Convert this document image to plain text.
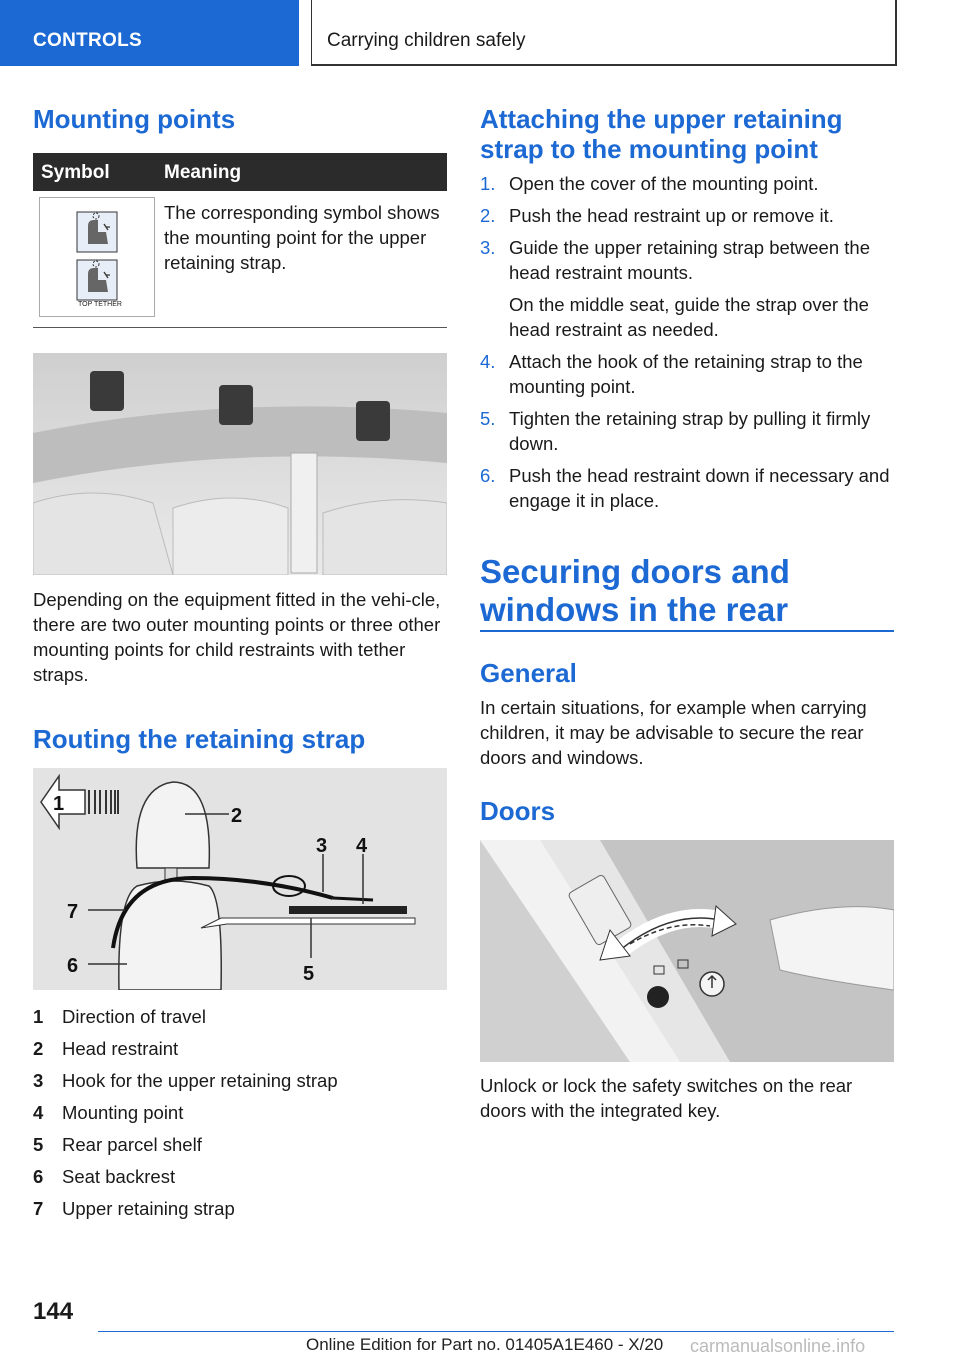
CONTROLS	Carrying children safely
Mounting points
Symbol	Meaning
TOP TETHER

The corresponding symbol shows the mounting point for the upper retaining strap.

Depending on the equipment fitted in the vehi-cle, there are two outer mounting points or three other mounting points for child restraints with tether straps.

Routing the retaining strap
1
2
3 4
5
6
7
1 Direction of travel
2 Head restraint
3 Hook for the upper retaining strap
4 Mounting point
5 Rear parcel shelf
6 Seat backrest
7 Upper retaining strap
Attaching the upper retaining strap to the mounting point
1. Open the cover of the mounting point.
2. Push the head restraint up or remove it.
3. Guide the upper retaining strap between the head restraint mounts.
On the middle seat, guide the strap over the head restraint as needed.
4. Attach the hook of the retaining strap to the mounting point.
5. Tighten the retaining strap by pulling it firmly down.
6. Push the head restraint down if necessary and engage it in place.
Securing doors and windows in the rear
General

In certain situations, for example when carrying children, it may be advisable to secure the rear doors and windows.

Doors

Unlock or lock the safety switches on the rear doors with the integrated key.

144
Online Edition for Part no. 01405A1E460 - X/20 carmanualsonline.info
